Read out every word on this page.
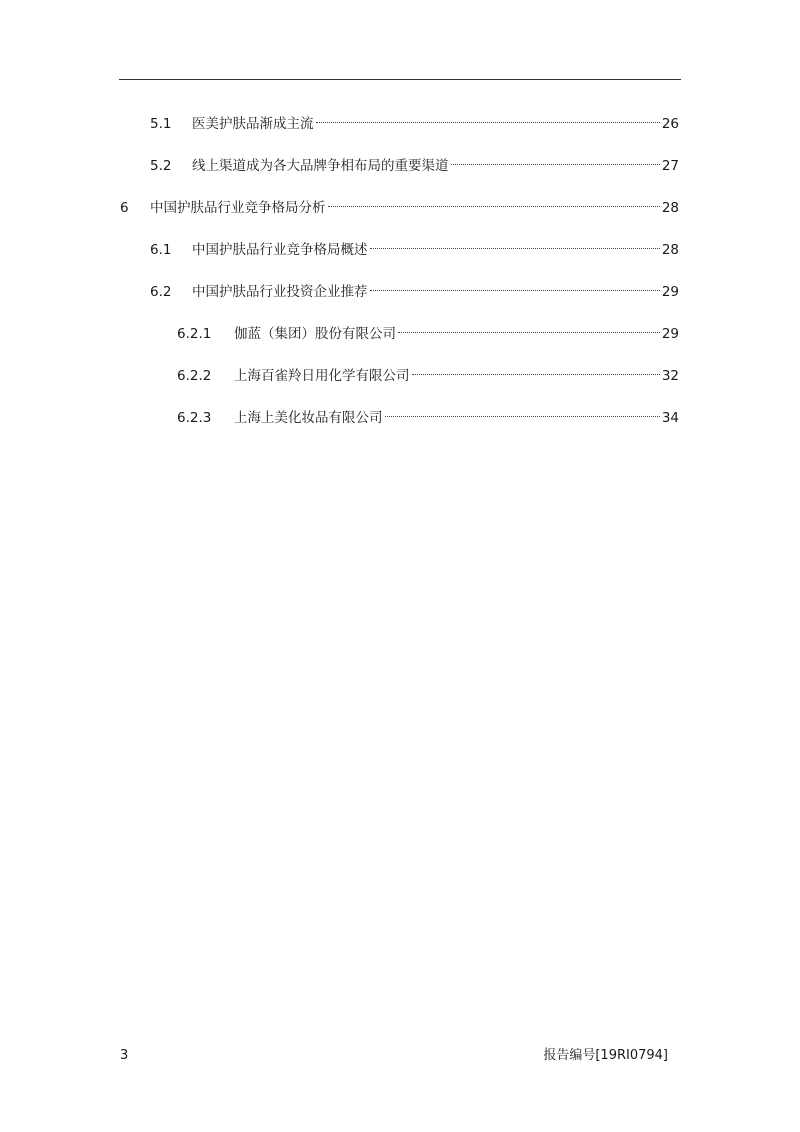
5.1	医美护肤品渐成主流	26
5.2	线上渠道成为各大品牌争相布局的重要渠道	27
6	中国护肤品行业竞争格局分析	28
6.1	中国护肤品行业竞争格局概述	28
6.2	中国护肤品行业投资企业推荐	29
6.2.1	伽蓝（集团）股份有限公司	29
6.2.2	上海百雀羚日用化学有限公司	32
6.2.3	上海上美化妆品有限公司	34
3	报告编号[19RI0794]
